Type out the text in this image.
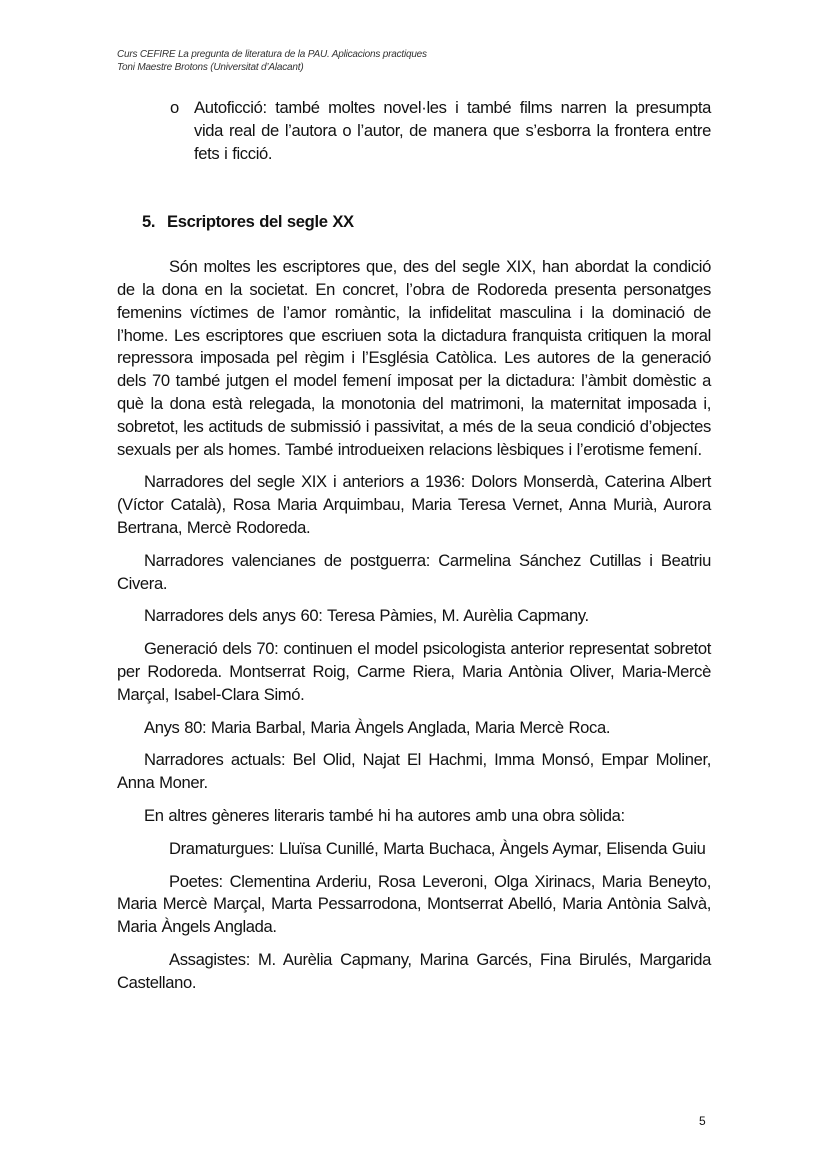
Curs CEFIRE La pregunta de literatura de la PAU. Aplicacions practiques
Toni Maestre Brotons (Universitat d’Alacant)

o Autoficció: també moltes novel·les i també films narren la presumpta vida real de l’autora o l’autor, de manera que s’esborra la frontera entre fets i ficció.

5. Escriptores del segle XX

Són moltes les escriptores que, des del segle XIX, han abordat la condició de la dona en la societat. En concret, l’obra de Rodoreda presenta personatges femenins víctimes de l’amor romàntic, la infidelitat masculina i la dominació de l’home. Les escriptores que escriuen sota la dictadura franquista critiquen la moral repressora imposada pel règim i l’Església Catòlica. Les autores de la generació dels 70 també jutgen el model femení imposat per la dictadura: l’àmbit domèstic a què la dona està relegada, la monotonia del matrimoni, la maternitat imposada i, sobretot, les actituds de submissió i passivitat, a més de la seua condició d’objectes sexuals per als homes. També introdueixen relacions lèsbiques i l’erotisme femení.

Narradores del segle XIX i anteriors a 1936: Dolors Monserdà, Caterina Albert (Víctor Català), Rosa Maria Arquimbau, Maria Teresa Vernet, Anna Murià, Aurora Bertrana, Mercè Rodoreda.

Narradores valencianes de postguerra: Carmelina Sánchez Cutillas i Beatriu Civera.

Narradores dels anys 60: Teresa Pàmies, M. Aurèlia Capmany.

Generació dels 70: continuen el model psicologista anterior representat sobretot per Rodoreda. Montserrat Roig, Carme Riera, Maria Antònia Oliver, Maria-Mercè Marçal, Isabel-Clara Simó.

Anys 80: Maria Barbal, Maria Àngels Anglada, Maria Mercè Roca.

Narradores actuals: Bel Olid, Najat El Hachmi, Imma Monsó, Empar Moliner, Anna Moner.

En altres gèneres literaris també hi ha autores amb una obra sòlida:

Dramaturgues: Lluïsa Cunillé, Marta Buchaca, Àngels Aymar, Elisenda Guiu

Poetes: Clementina Arderiu, Rosa Leveroni, Olga Xirinacs, Maria Beneyto, Maria Mercè Marçal, Marta Pessarrodona, Montserrat Abelló, Maria Antònia Salvà, Maria Àngels Anglada.

Assagistes: M. Aurèlia Capmany, Marina Garcés, Fina Birulés, Margarida Castellano.

5
